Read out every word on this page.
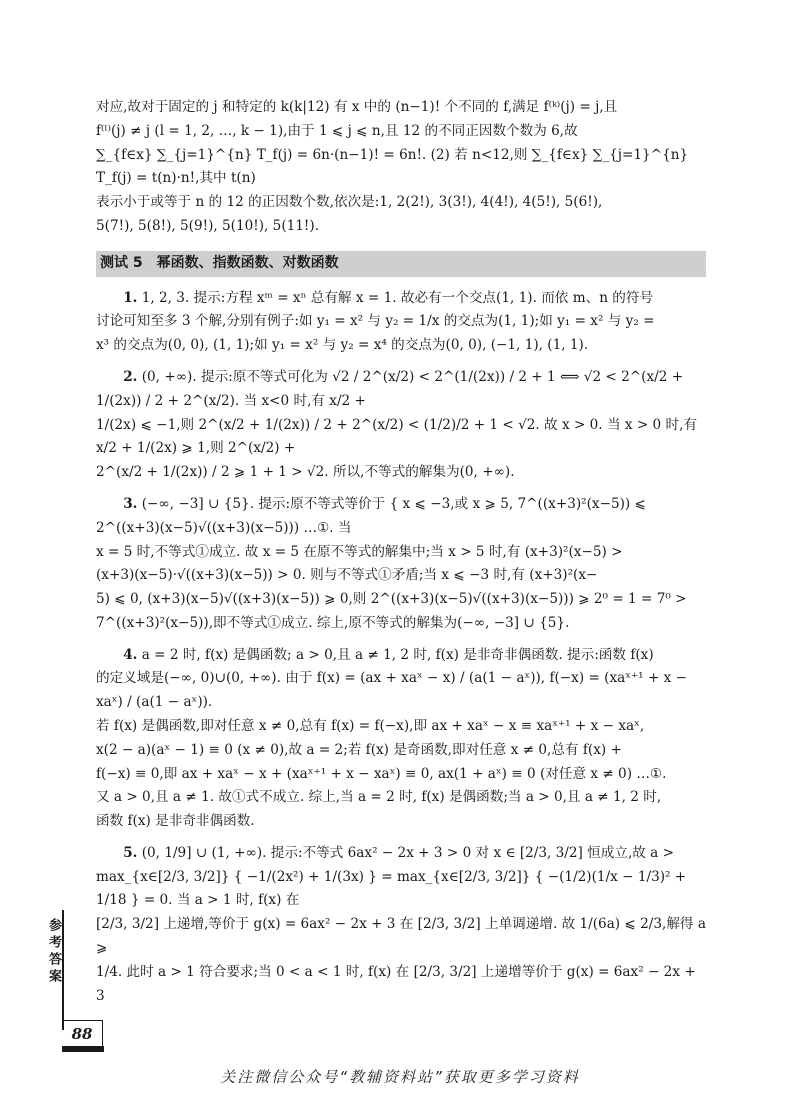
对应,故对于固定的 j 和特定的 k(k|12) 有 x 中的 (n−1)! 个不同的 f,满足 f⁽ᵏ⁾(j) = j,且

f⁽ˡ⁾(j) ≠ j (l = 1, 2, …, k − 1),由于 1 ⩽ j ⩽ n,且 12 的不同正因数个数为 6,故

∑_{f∈x} ∑_{j=1}^{n} T_f(j) = 6n·(n−1)! = 6n!. (2) 若 n<12,则 ∑_{f∈x} ∑_{j=1}^{n} T_f(j) = t(n)·n!,其中 t(n)

表示小于或等于 n 的 12 的正因数个数,依次是:1, 2(2!), 3(3!), 4(4!), 4(5!), 5(6!),

5(7!), 5(8!), 5(9!), 5(10!), 5(11!).

测试 5 幂函数、指数函数、对数函数

1. 1, 2, 3. 提示:方程 xᵐ = xⁿ 总有解 x = 1. 故必有一个交点(1, 1). 而依 m、n 的符号

讨论可知至多 3 个解,分别有例子:如 y₁ = x² 与 y₂ = 1/x 的交点为(1, 1);如 y₁ = x² 与 y₂ =

x³ 的交点为(0, 0), (1, 1);如 y₁ = x² 与 y₂ = x⁴ 的交点为(0, 0), (−1, 1), (1, 1).

2. (0, +∞). 提示:原不等式可化为 √2 / 2^(x/2) < 2^(1/(2x)) / 2 + 1 ⟺ √2 < 2^(x/2 + 1/(2x)) / 2 + 2^(x/2). 当 x<0 时,有 x/2 +

1/(2x) ⩽ −1,则 2^(x/2 + 1/(2x)) / 2 + 2^(x/2) < (1/2)/2 + 1 < √2. 故 x > 0. 当 x > 0 时,有 x/2 + 1/(2x) ⩾ 1,则 2^(x/2) +

2^(x/2 + 1/(2x)) / 2 ⩾ 1 + 1 > √2. 所以,不等式的解集为(0, +∞).

3. (−∞, −3] ∪ {5}. 提示:原不等式等价于 { x ⩽ −3,或 x ⩾ 5, 7^((x+3)²(x−5)) ⩽ 2^((x+3)(x−5)√((x+3)(x−5))) …①. 当

x = 5 时,不等式①成立. 故 x = 5 在原不等式的解集中;当 x > 5 时,有 (x+3)²(x−5) >

(x+3)(x−5)·√((x+3)(x−5)) > 0. 则与不等式①矛盾;当 x ⩽ −3 时,有 (x+3)²(x−

5) ⩽ 0, (x+3)(x−5)√((x+3)(x−5)) ⩾ 0,则 2^((x+3)(x−5)√((x+3)(x−5))) ⩾ 2⁰ = 1 = 7⁰ >

7^((x+3)²(x−5)),即不等式①成立. 综上,原不等式的解集为(−∞, −3] ∪ {5}.

4. a = 2 时, f(x) 是偶函数; a > 0,且 a ≠ 1, 2 时, f(x) 是非奇非偶函数. 提示:函数 f(x)

的定义域是(−∞, 0)∪(0, +∞). 由于 f(x) = (ax + xaˣ − x) / (a(1 − aˣ)), f(−x) = (xaˣ⁺¹ + x − xaˣ) / (a(1 − aˣ)).

若 f(x) 是偶函数,即对任意 x ≠ 0,总有 f(x) = f(−x),即 ax + xaˣ − x ≡ xaˣ⁺¹ + x − xaˣ,

x(2 − a)(aˣ − 1) ≡ 0 (x ≠ 0),故 a = 2;若 f(x) 是奇函数,即对任意 x ≠ 0,总有 f(x) +

f(−x) ≡ 0,即 ax + xaˣ − x + (xaˣ⁺¹ + x − xaˣ) ≡ 0, ax(1 + aˣ) ≡ 0 (对任意 x ≠ 0) …①.

又 a > 0,且 a ≠ 1. 故①式不成立. 综上,当 a = 2 时, f(x) 是偶函数;当 a > 0,且 a ≠ 1, 2 时,

函数 f(x) 是非奇非偶函数.

5. (0, 1/9] ∪ (1, +∞). 提示:不等式 6ax² − 2x + 3 > 0 对 x ∈ [2/3, 3/2] 恒成立,故 a >

max_{x∈[2/3, 3/2]} { −1/(2x²) + 1/(3x) } = max_{x∈[2/3, 3/2]} { −(1/2)(1/x − 1/3)² + 1/18 } = 0. 当 a > 1 时, f(x) 在

[2/3, 3/2] 上递增,等价于 g(x) = 6ax² − 2x + 3 在 [2/3, 3/2] 上单调递增. 故 1/(6a) ⩽ 2/3,解得 a ⩾

1/4. 此时 a > 1 符合要求;当 0 < a < 1 时, f(x) 在 [2/3, 3/2] 上递增等价于 g(x) = 6ax² − 2x + 3

参考答案
88
关注微信公众号“教辅资料站”获取更多学习资料
